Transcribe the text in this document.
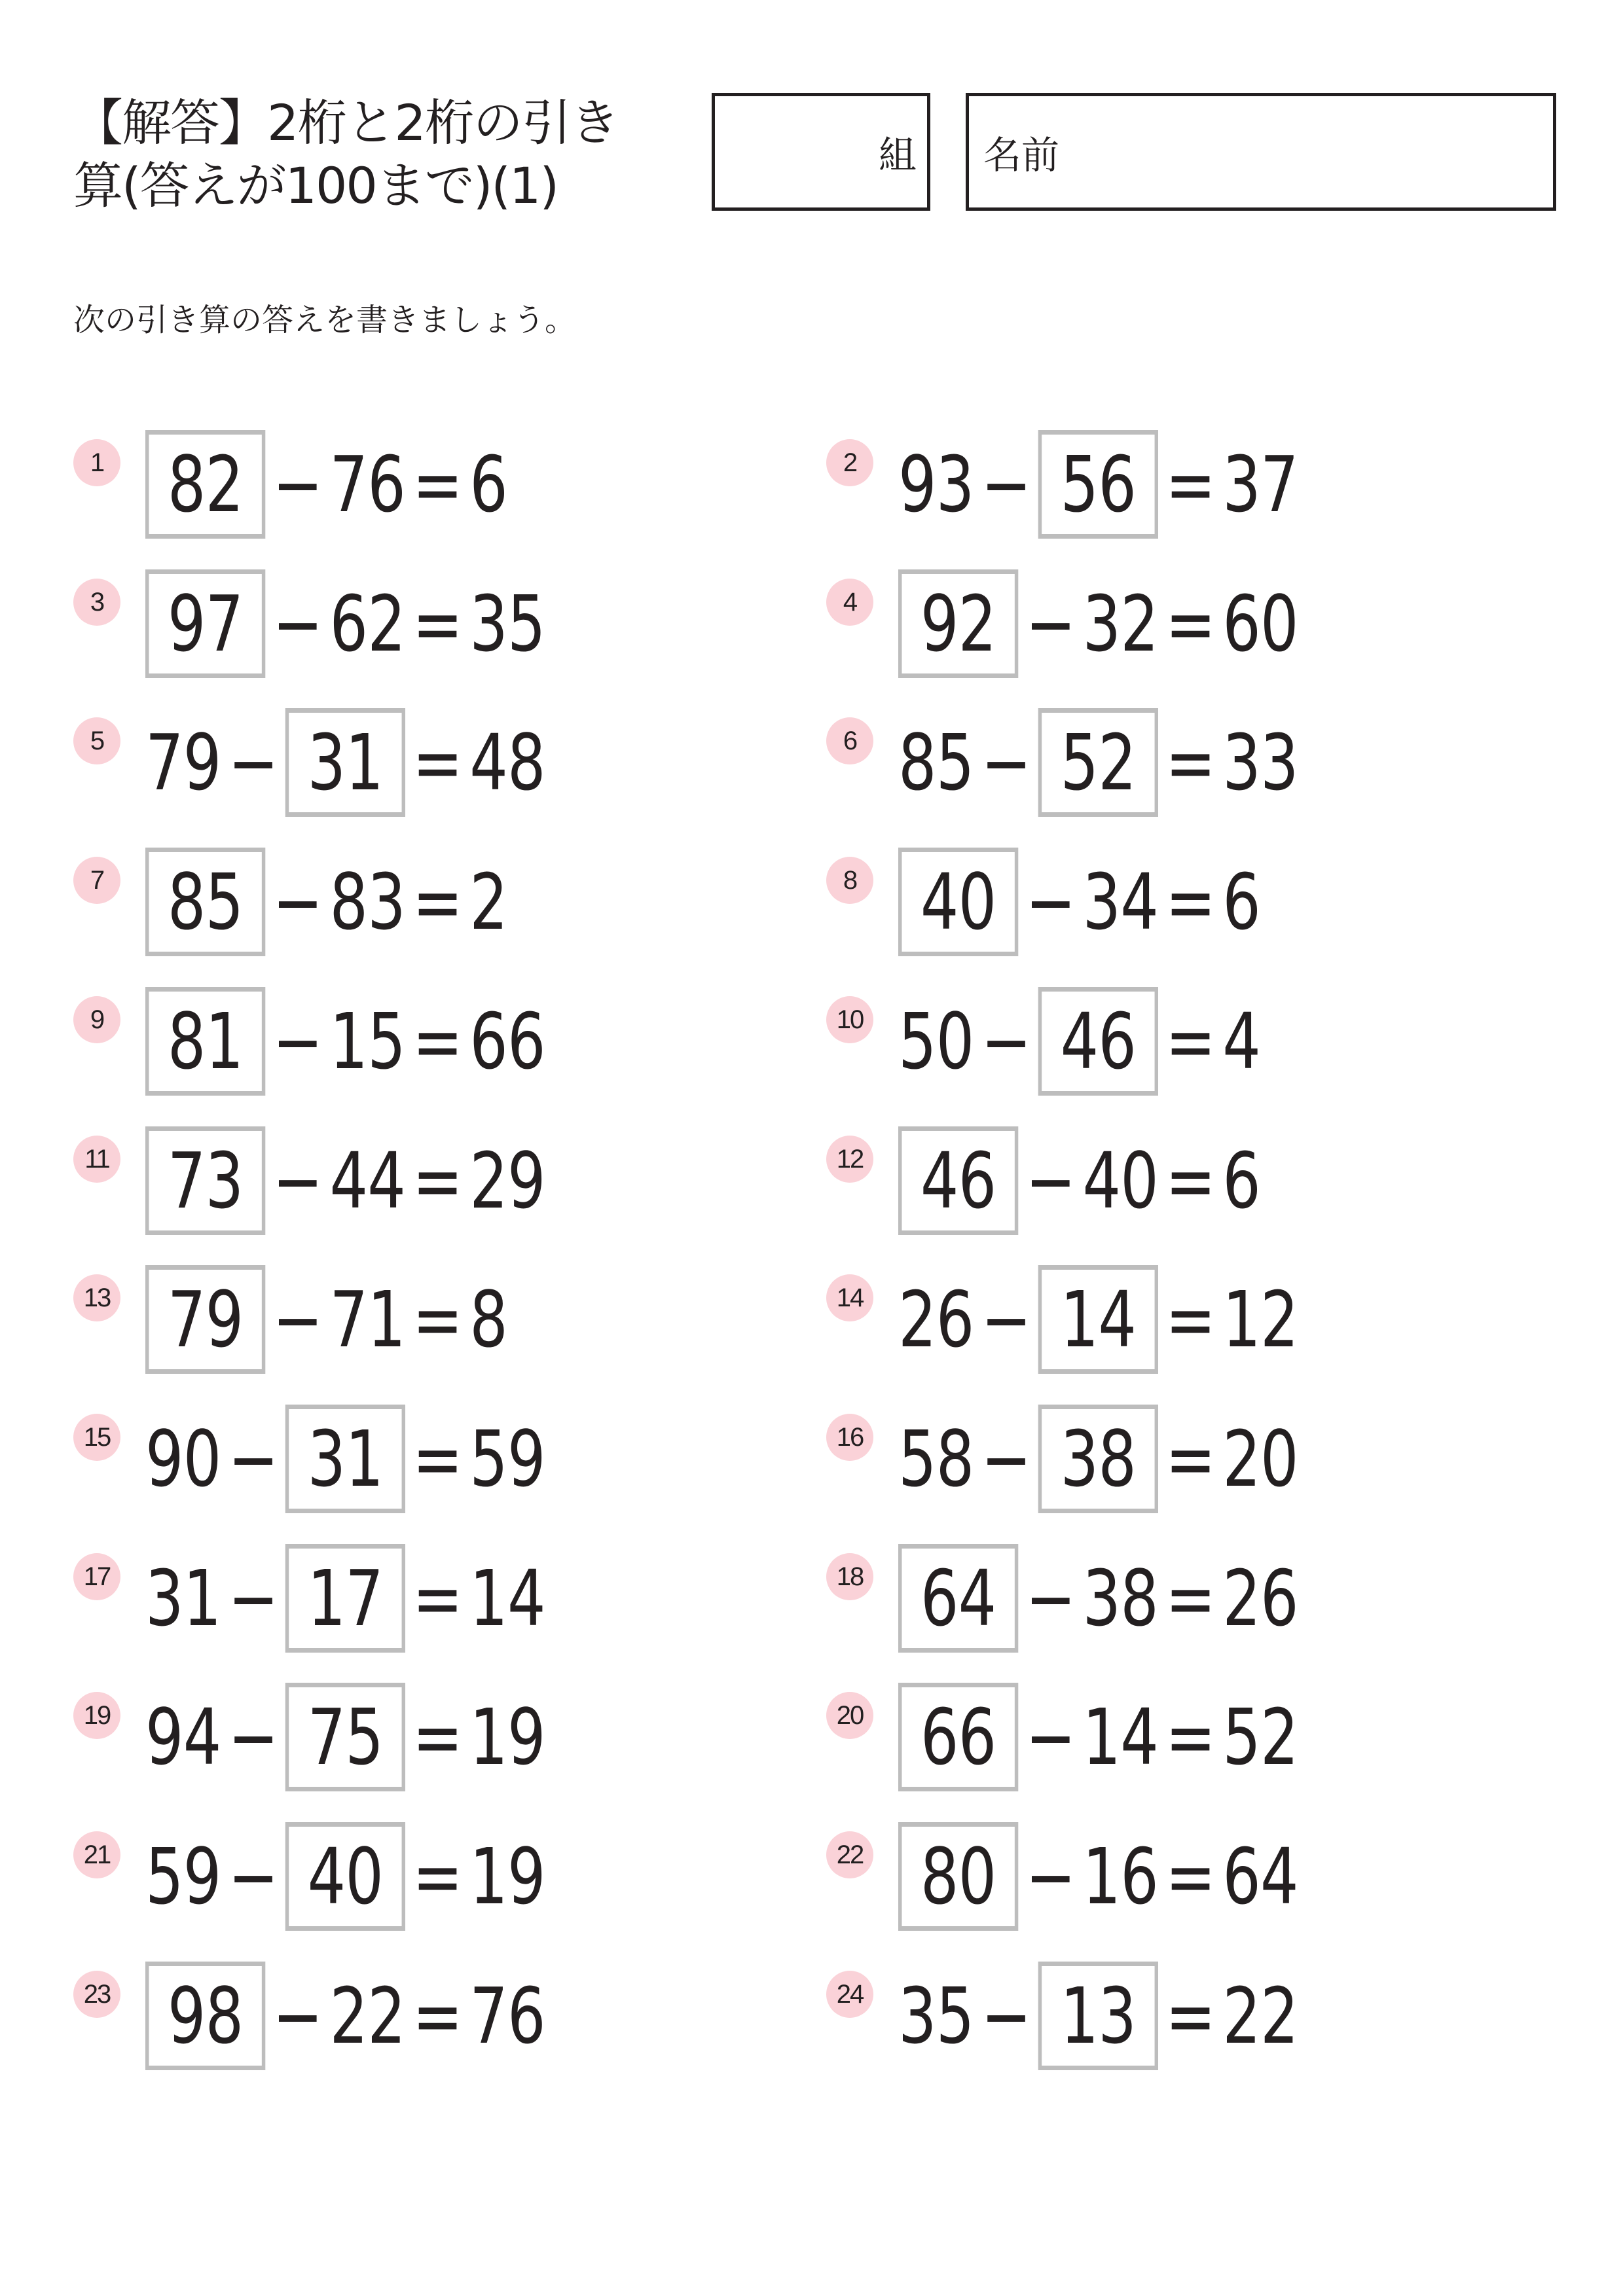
【解答】2桁と2桁の引き
算(答えが100まで)(1)
組 名前
次の引き算の答えを書きましょう。
1 82 − 76 = 6	2 93 − 56 = 37
3 97 − 62 = 35	4 92 − 32 = 60
5 79 − 31 = 48	6 85 − 52 = 33
7 85 − 83 = 2	8 40 − 34 = 6
9 81 − 15 = 66	10 50 − 46 = 4
11 73 − 44 = 29	12 46 − 40 = 6
13 79 − 71 = 8	14 26 − 14 = 12
15 90 − 31 = 59	16 58 − 38 = 20
17 31 − 17 = 14	18 64 − 38 = 26
19 94 − 75 = 19	20 66 − 14 = 52
21 59 − 40 = 19	22 80 − 16 = 64
23 98 − 22 = 76	24 35 − 13 = 22
